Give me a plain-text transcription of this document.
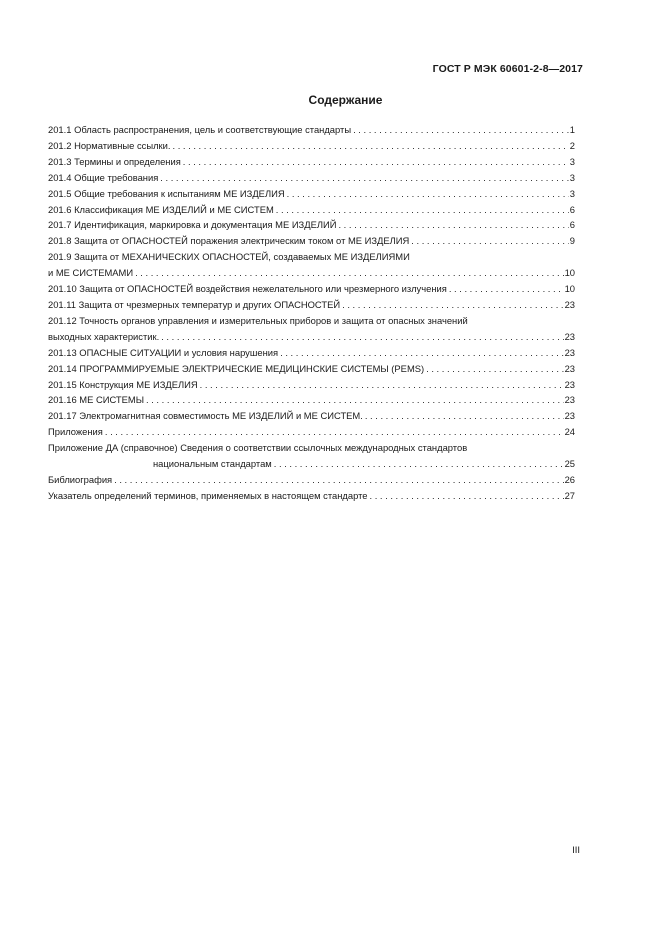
ГОСТ Р МЭК 60601-2-8—2017
Содержание
201.1 Область распространения, цель и соответствующие стандарты . . .	1
201.2 Нормативные ссылки. . . .	2
201.3 Термины и определения . . .	3
201.4 Общие требования . . .	3
201.5 Общие требования к испытаниям МЕ ИЗДЕЛИЯ . . .	3
201.6 Классификация МЕ ИЗДЕЛИЙ и МЕ СИСТЕМ . . .	6
201.7 Идентификация, маркировка и документация МЕ ИЗДЕЛИЙ . . .	6
201.8 Защита от ОПАСНОСТЕЙ поражения электрическим током от МЕ ИЗДЕЛИЯ . . .	9
201.9 Защита от МЕХАНИЧЕСКИХ ОПАСНОСТЕЙ, создаваемых МЕ ИЗДЕЛИЯМИ
и МЕ СИСТЕМАМИ . . .	10
201.10 Защита от ОПАСНОСТЕЙ воздействия нежелательного или чрезмерного излучения . . .	10
201.11 Защита от чрезмерных температур и других ОПАСНОСТЕЙ . . .	23
201.12 Точность органов управления и измерительных приборов и защита от опасных значений
выходных характеристик. . . .	23
201.13 ОПАСНЫЕ СИТУАЦИИ и условия нарушения . . .	23
201.14 ПРОГРАММИРУЕМЫЕ ЭЛЕКТРИЧЕСКИЕ МЕДИЦИНСКИЕ СИСТЕМЫ (PEMS) . . .	23
201.15 Конструкция МЕ ИЗДЕЛИЯ . . .	23
201.16 МЕ СИСТЕМЫ . . .	23
201.17 Электромагнитная совместимость МЕ ИЗДЕЛИЙ и МЕ СИСТЕМ. . . .	23
Приложения . . .	24
Приложение ДА (справочное) Сведения о соответствии ссылочных международных стандартов
национальным стандартам . . .	25
Библиография . . .	26
Указатель определений терминов, применяемых в настоящем стандарте . . .	27
III
